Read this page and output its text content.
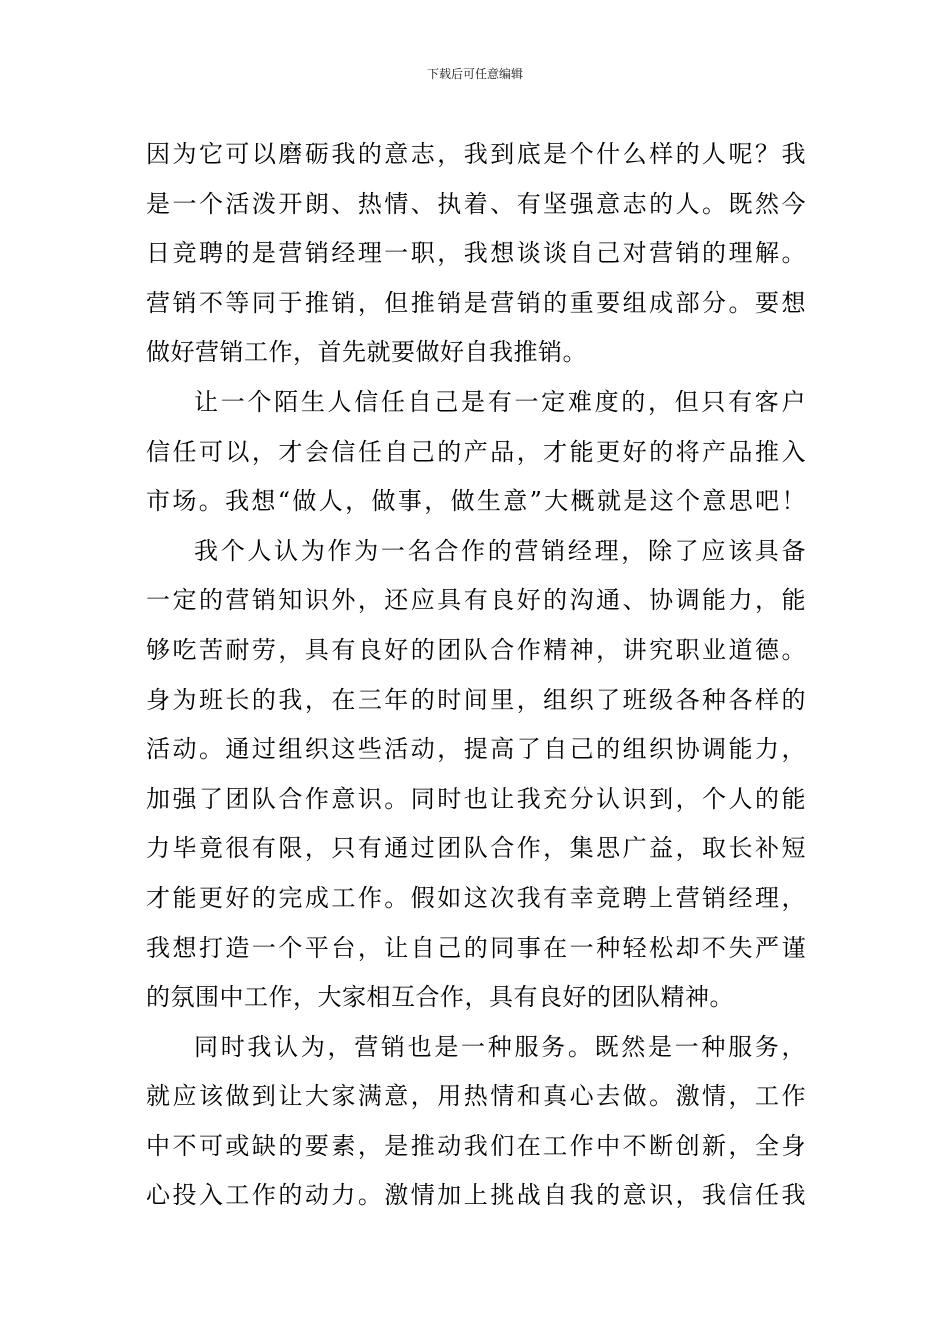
下载后可任意编辑
因为它可以磨砺我的意志，我到底是个什么样的人呢？我
是一个活泼开朗、热情、执着、有坚强意志的人。既然今
日竞聘的是营销经理一职，我想谈谈自己对营销的理解。
营销不等同于推销，但推销是营销的重要组成部分。要想
做好营销工作，首先就要做好自我推销。
让一个陌生人信任自己是有一定难度的，但只有客户
信任可以，才会信任自己的产品，才能更好的将产品推入
市场。我想“做人，做事，做生意”大概就是这个意思吧！
我个人认为作为一名合作的营销经理，除了应该具备
一定的营销知识外，还应具有良好的沟通、协调能力，能
够吃苦耐劳，具有良好的团队合作精神，讲究职业道德。
身为班长的我，在三年的时间里，组织了班级各种各样的
活动。通过组织这些活动，提高了自己的组织协调能力，
加强了团队合作意识。同时也让我充分认识到，个人的能
力毕竟很有限，只有通过团队合作，集思广益，取长补短
才能更好的完成工作。假如这次我有幸竞聘上营销经理，
我想打造一个平台，让自己的同事在一种轻松却不失严谨
的氛围中工作，大家相互合作，具有良好的团队精神。
同时我认为，营销也是一种服务。既然是一种服务，
就应该做到让大家满意，用热情和真心去做。激情，工作
中不可或缺的要素，是推动我们在工作中不断创新，全身
心投入工作的动力。激情加上挑战自我的意识，我信任我
